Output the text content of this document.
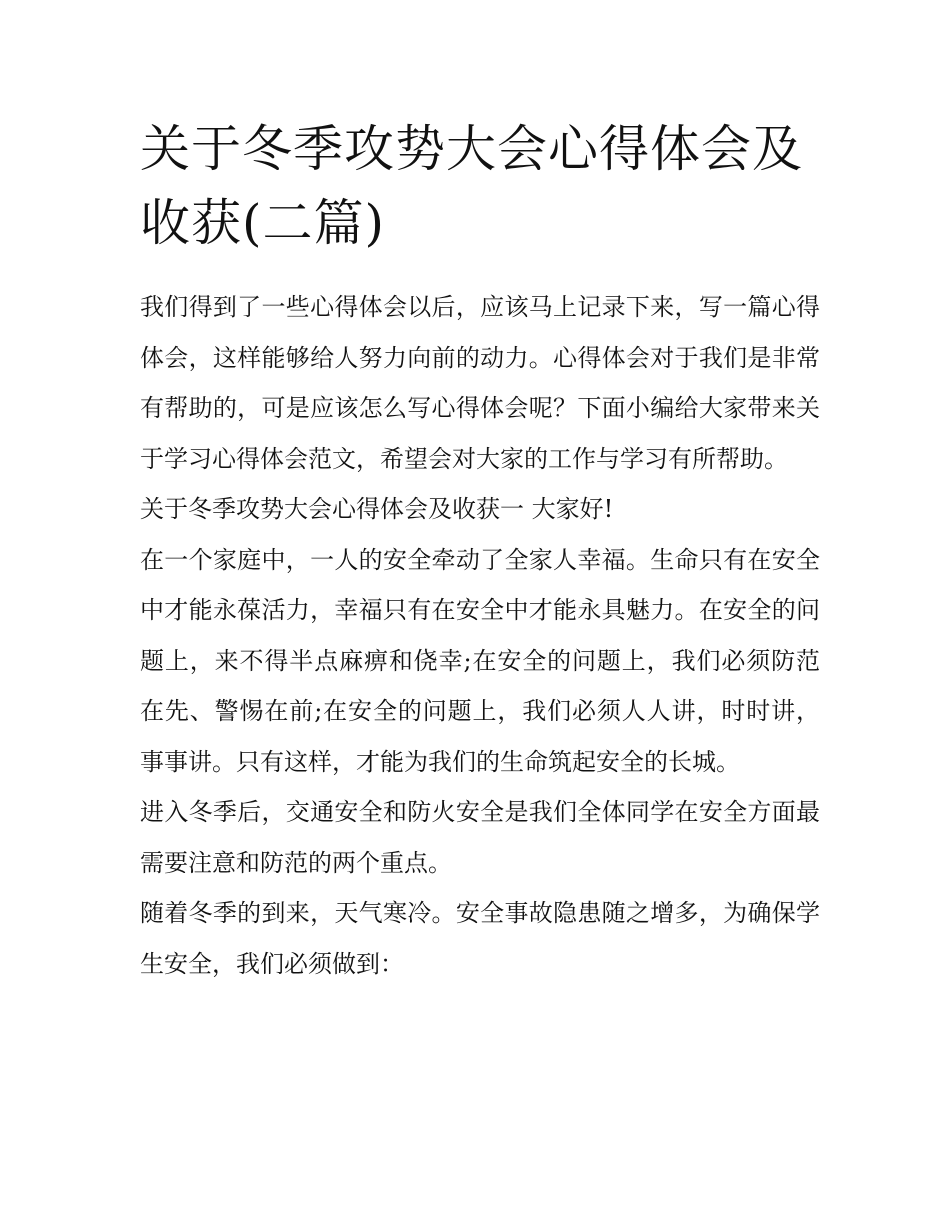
关于冬季攻势大会心得体会及收获(二篇)

我们得到了一些心得体会以后，应该马上记录下来，写一篇心得体会，这样能够给人努力向前的动力。心得体会对于我们是非常有帮助的，可是应该怎么写心得体会呢？下面小编给大家带来关于学习心得体会范文，希望会对大家的工作与学习有所帮助。

关于冬季攻势大会心得体会及收获一 大家好!

在一个家庭中，一人的安全牵动了全家人幸福。生命只有在安全中才能永葆活力，幸福只有在安全中才能永具魅力。在安全的问题上，来不得半点麻痹和侥幸;在安全的问题上，我们必须防范在先、警惕在前;在安全的问题上，我们必须人人讲，时时讲，事事讲。只有这样，才能为我们的生命筑起安全的长城。

进入冬季后，交通安全和防火安全是我们全体同学在安全方面最需要注意和防范的两个重点。

随着冬季的到来，天气寒冷。安全事故隐患随之增多，为确保学生安全，我们必须做到：
